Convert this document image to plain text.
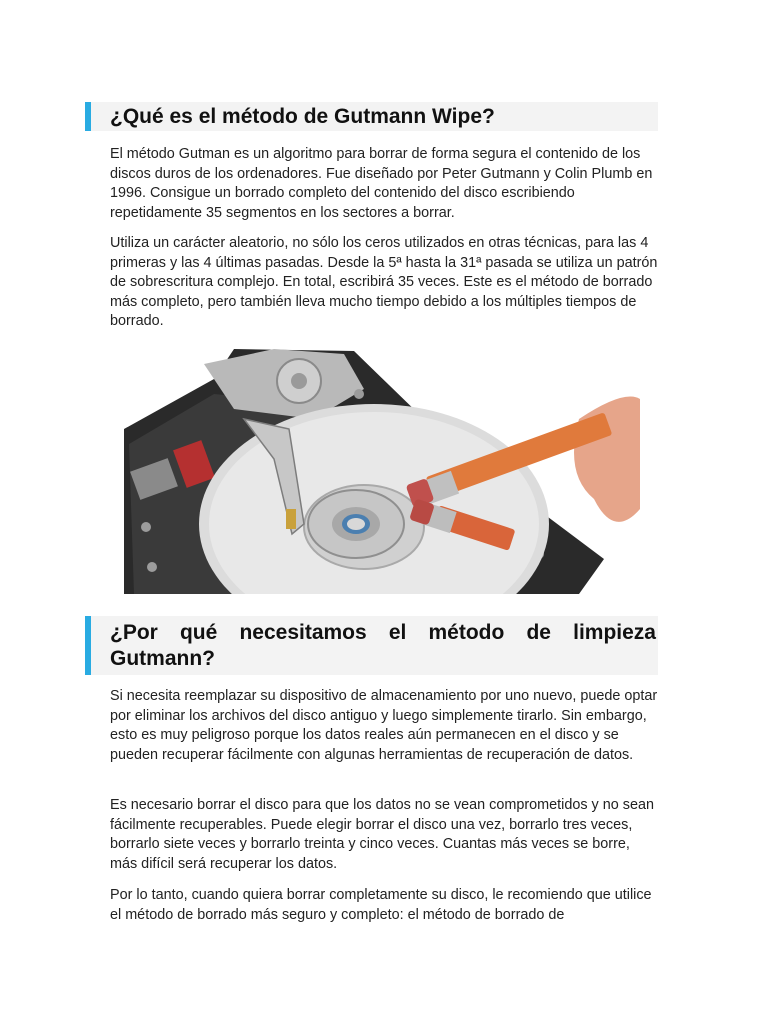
¿Qué es el método de Gutmann Wipe?

El método Gutman es un algoritmo para borrar de forma segura el contenido de los discos duros de los ordenadores. Fue diseñado por Peter Gutmann y Colin Plumb en 1996. Consigue un borrado completo del contenido del disco escribiendo repetidamente 35 segmentos en los sectores a borrar.

Utiliza un carácter aleatorio, no sólo los ceros utilizados en otras técnicas, para las 4 primeras y las 4 últimas pasadas. Desde la 5ª hasta la 31ª pasada se utiliza un patrón de sobrescritura complejo. En total, escribirá 35 veces. Este es el método de borrado más completo, pero también lleva mucho tiempo debido a los múltiples tiempos de borrado.

¿Por qué necesitamos el método de limpieza Gutmann?

Si necesita reemplazar su dispositivo de almacenamiento por uno nuevo, puede optar por eliminar los archivos del disco antiguo y luego simplemente tirarlo. Sin embargo, esto es muy peligroso porque los datos reales aún permanecen en el disco y se pueden recuperar fácilmente con algunas herramientas de recuperación de datos.

Es necesario borrar el disco para que los datos no se vean comprometidos y no sean fácilmente recuperables. Puede elegir borrar el disco una vez, borrarlo tres veces, borrarlo siete veces y borrarlo treinta y cinco veces. Cuantas más veces se borre, más difícil será recuperar los datos.

Por lo tanto, cuando quiera borrar completamente su disco, le recomiendo que utilice el método de borrado más seguro y completo: el método de borrado de
